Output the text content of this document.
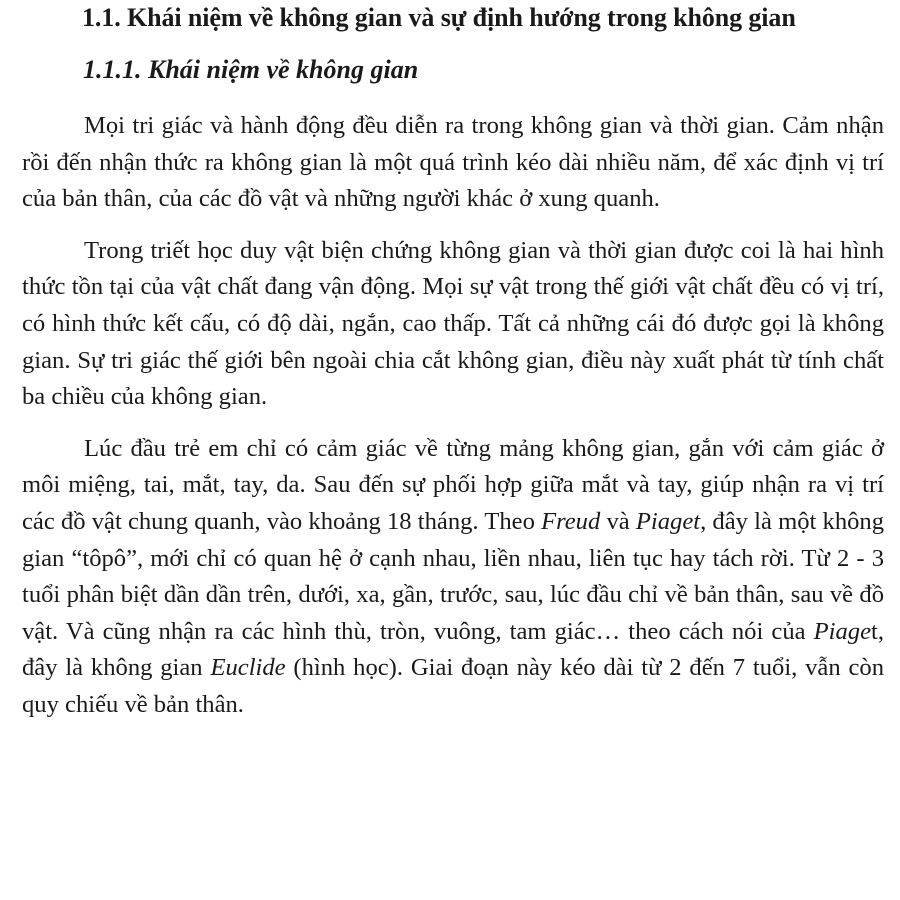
1.1. Khái niệm về không gian và sự định hướng trong không gian
1.1.1. Khái niệm về không gian

Mọi tri giác và hành động đều diễn ra trong không gian và thời gian. Cảm nhận rồi đến nhận thức ra không gian là một quá trình kéo dài nhiều năm, để xác định vị trí của bản thân, của các đồ vật và những người khác ở xung quanh.

Trong triết học duy vật biện chứng không gian và thời gian được coi là hai hình thức tồn tại của vật chất đang vận động. Mọi sự vật trong thế giới vật chất đều có vị trí, có hình thức kết cấu, có độ dài, ngắn, cao thấp. Tất cả những cái đó được gọi là không gian. Sự tri giác thế giới bên ngoài chia cắt không gian, điều này xuất phát từ tính chất ba chiều của không gian.

Lúc đầu trẻ em chỉ có cảm giác về từng mảng không gian, gắn với cảm giác ở môi miệng, tai, mắt, tay, da. Sau đến sự phối hợp giữa mắt và tay, giúp nhận ra vị trí các đồ vật chung quanh, vào khoảng 18 tháng. Theo Freud và Piaget, đây là một không gian “tôpô”, mới chỉ có quan hệ ở cạnh nhau, liền nhau, liên tục hay tách rời. Từ 2 - 3 tuổi phân biệt dần dần trên, dưới, xa, gần, trước, sau, lúc đầu chỉ về bản thân, sau về đồ vật. Và cũng nhận ra các hình thù, tròn, vuông, tam giác… theo cách nói của Piaget, đây là không gian Euclide (hình học). Giai đoạn này kéo dài từ 2 đến 7 tuổi, vẫn còn quy chiếu về bản thân.
